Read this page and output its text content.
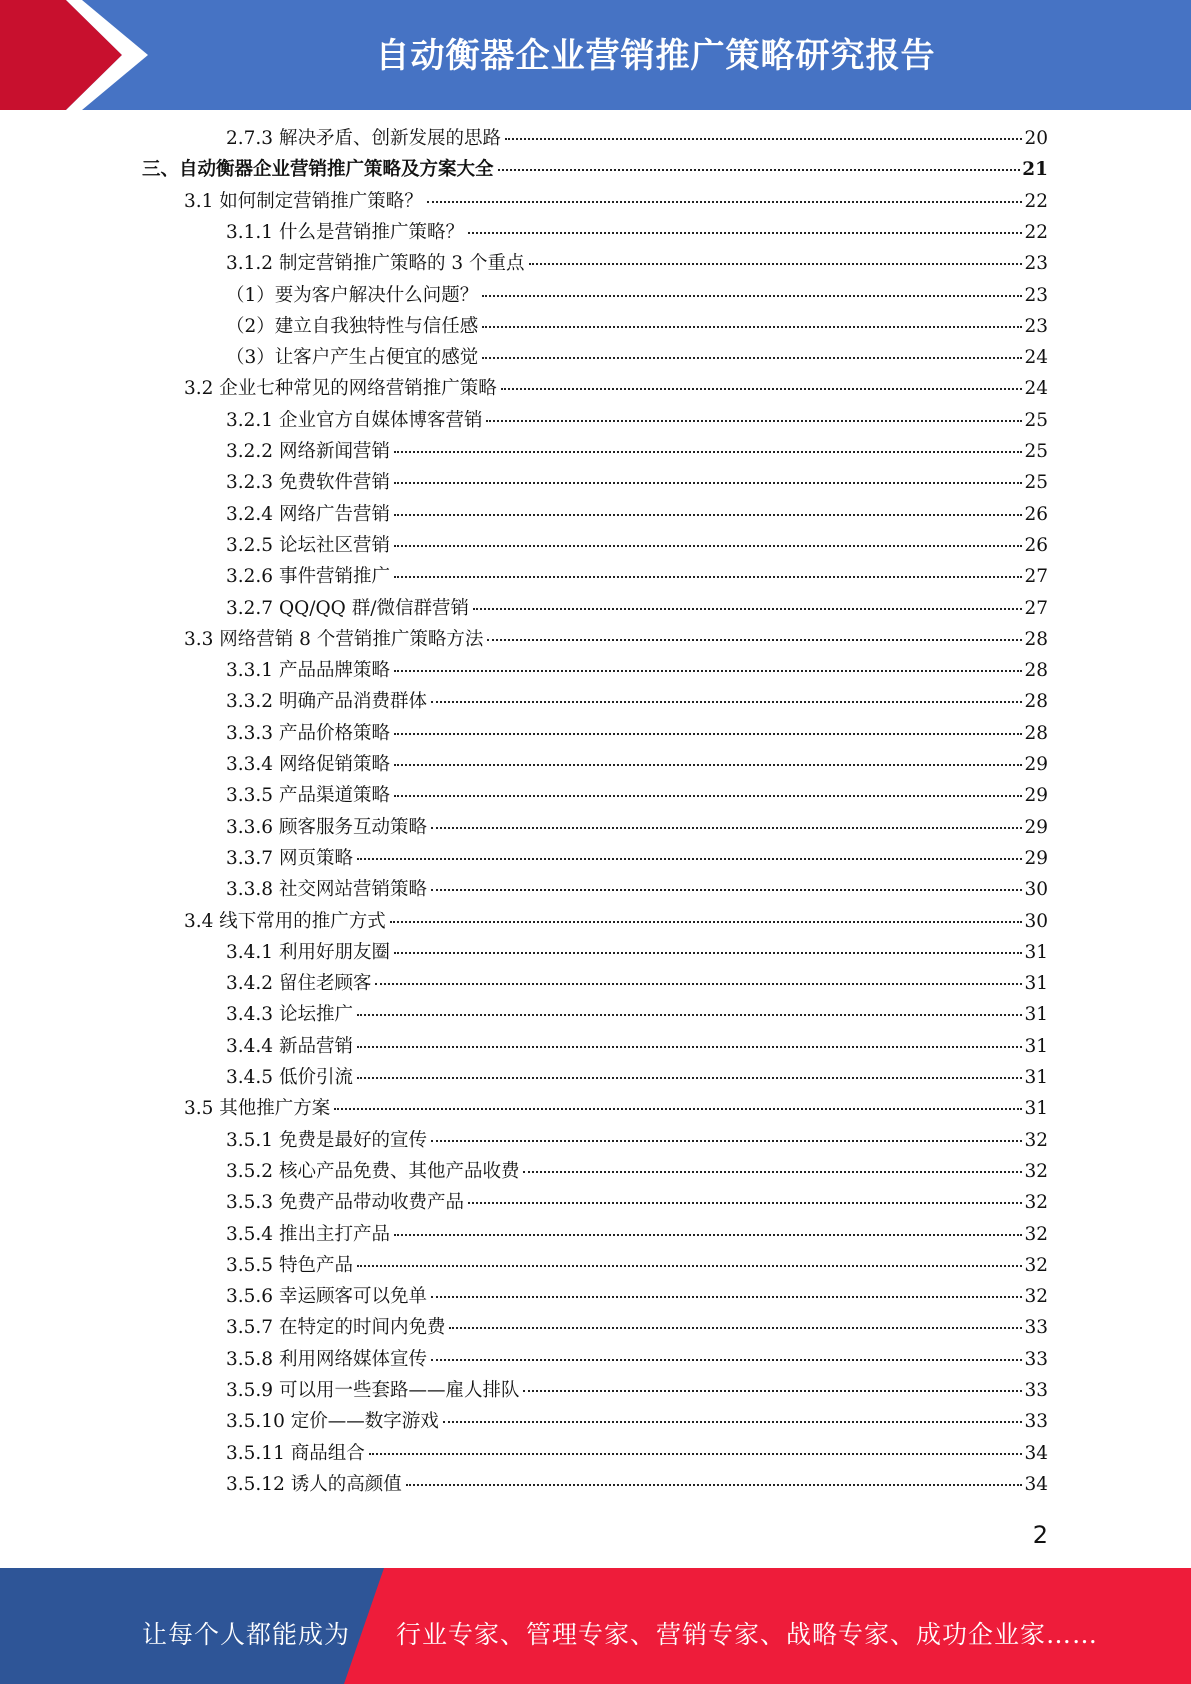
自动衡器企业营销推广策略研究报告
2.7.3 解决矛盾、创新发展的思路	20
三、自动衡器企业营销推广策略及方案大全	21
3.1 如何制定营销推广策略？	22
3.1.1 什么是营销推广策略？	22
3.1.2 制定营销推广策略的 3 个重点	23
（1）要为客户解决什么问题？	23
（2）建立自我独特性与信任感	23
（3）让客户产生占便宜的感觉	24
3.2 企业七种常见的网络营销推广策略	24
3.2.1 企业官方自媒体博客营销	25
3.2.2 网络新闻营销	25
3.2.3 免费软件营销	25
3.2.4 网络广告营销	26
3.2.5 论坛社区营销	26
3.2.6 事件营销推广	27
3.2.7 QQ/QQ 群/微信群营销	27
3.3 网络营销 8 个营销推广策略方法	28
3.3.1 产品品牌策略	28
3.3.2 明确产品消费群体	28
3.3.3 产品价格策略	28
3.3.4 网络促销策略	29
3.3.5 产品渠道策略	29
3.3.6 顾客服务互动策略	29
3.3.7 网页策略	29
3.3.8 社交网站营销策略	30
3.4 线下常用的推广方式	30
3.4.1 利用好朋友圈	31
3.4.2 留住老顾客	31
3.4.3 论坛推广	31
3.4.4 新品营销	31
3.4.5 低价引流	31
3.5 其他推广方案	31
3.5.1 免费是最好的宣传	32
3.5.2 核心产品免费、其他产品收费	32
3.5.3 免费产品带动收费产品	32
3.5.4 推出主打产品	32
3.5.5 特色产品	32
3.5.6 幸运顾客可以免单	32
3.5.7 在特定的时间内免费	33
3.5.8 利用网络媒体宣传	33
3.5.9 可以用一些套路——雇人排队	33
3.5.10 定价——数字游戏	33
3.5.11 商品组合	34
3.5.12 诱人的高颜值	34
2
让每个人都能成为 行业专家、管理专家、营销专家、战略专家、成功企业家……
